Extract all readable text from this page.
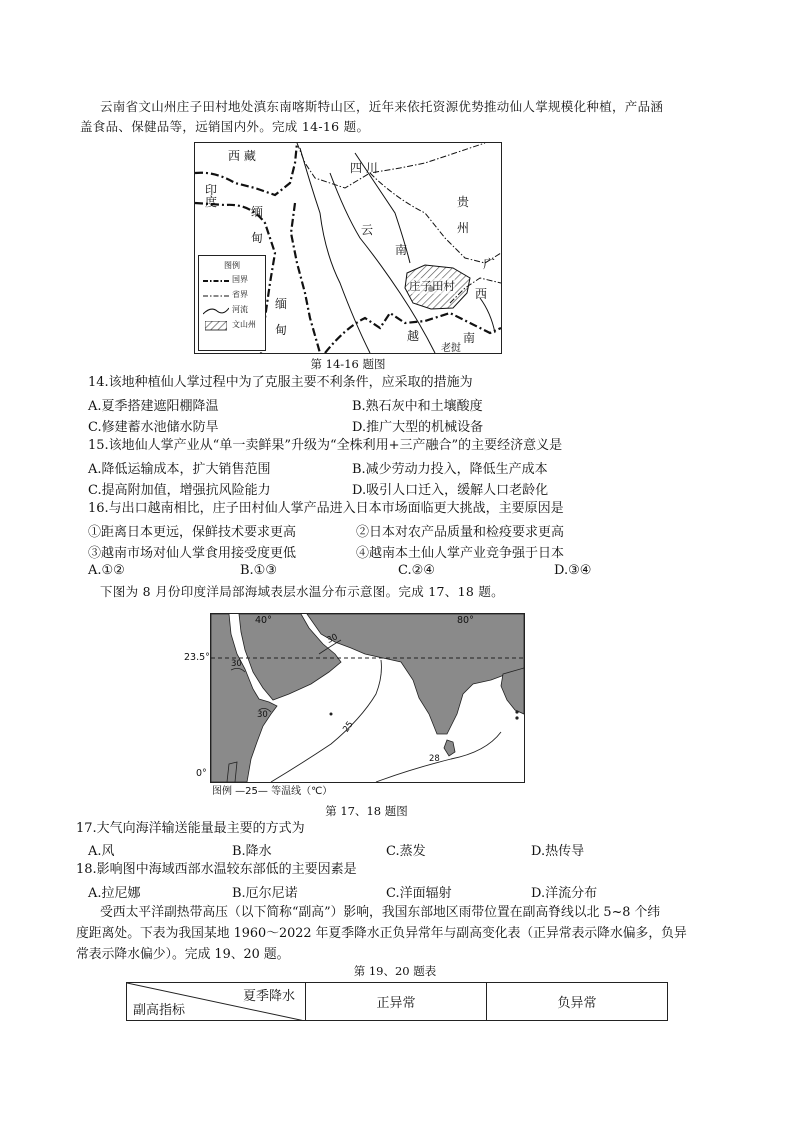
云南省文山州庄子田村地处滇东南喀斯特山区，近年来依托资源优势推动仙人掌规模化种植，产品涵
盖食品、保健品等，远销国内外。完成 14-16 题。
西 藏
四 川
贵
州
印
度
缅
甸
云
南
广
西
缅
甸	越	南
庄子田村
老挝
图例
国界
省界
河流
文山州
第 14-16 题图
14.该地种植仙人掌过程中为了克服主要不利条件，应采取的措施为
A.夏季搭建遮阳棚降温	B.熟石灰中和土壤酸度
C.修建蓄水池储水防旱	D.推广大型的机械设备
15.该地仙人掌产业从“单一卖鲜果”升级为“全株利用+三产融合”的主要经济意义是
A.降低运输成本，扩大销售范围	B.减少劳动力投入，降低生产成本
C.提高附加值，增强抗风险能力	D.吸引人口迁入，缓解人口老龄化
16.与出口越南相比，庄子田村仙人掌产品进入日本市场面临更大挑战，主要原因是
①距离日本更远，保鲜技术要求更高	②日本对农产品质量和检疫要求更高
③越南市场对仙人掌食用接受度更低	④越南本土仙人掌产业竞争强于日本
A.①②	B.①③	C.②④	D.③④
下图为 8 月份印度洋局部海域表层水温分布示意图。完成 17、18 题。
40°	80°
30
30
30
25
28
23.5°
0°
图例 —25— 等温线（℃）
第 17、18 题图
17.大气向海洋输送能量最主要的方式为
A.风	B.降水	C.蒸发	D.热传导
18.影响图中海域西部水温较东部低的主要因素是
A.拉尼娜	B.厄尔尼诺	C.洋面辐射	D.洋流分布
受西太平洋副热带高压（以下简称“副高”）影响，我国东部地区雨带位置在副高脊线以北 5~8 个纬
度距离处。下表为我国某地 1960～2022 年夏季降水正负异常年与副高变化表（正异常表示降水偏多，负异
常表示降水偏少）。完成 19、20 题。
第 19、20 题表
夏季降水
副高指标	正异常	负异常
